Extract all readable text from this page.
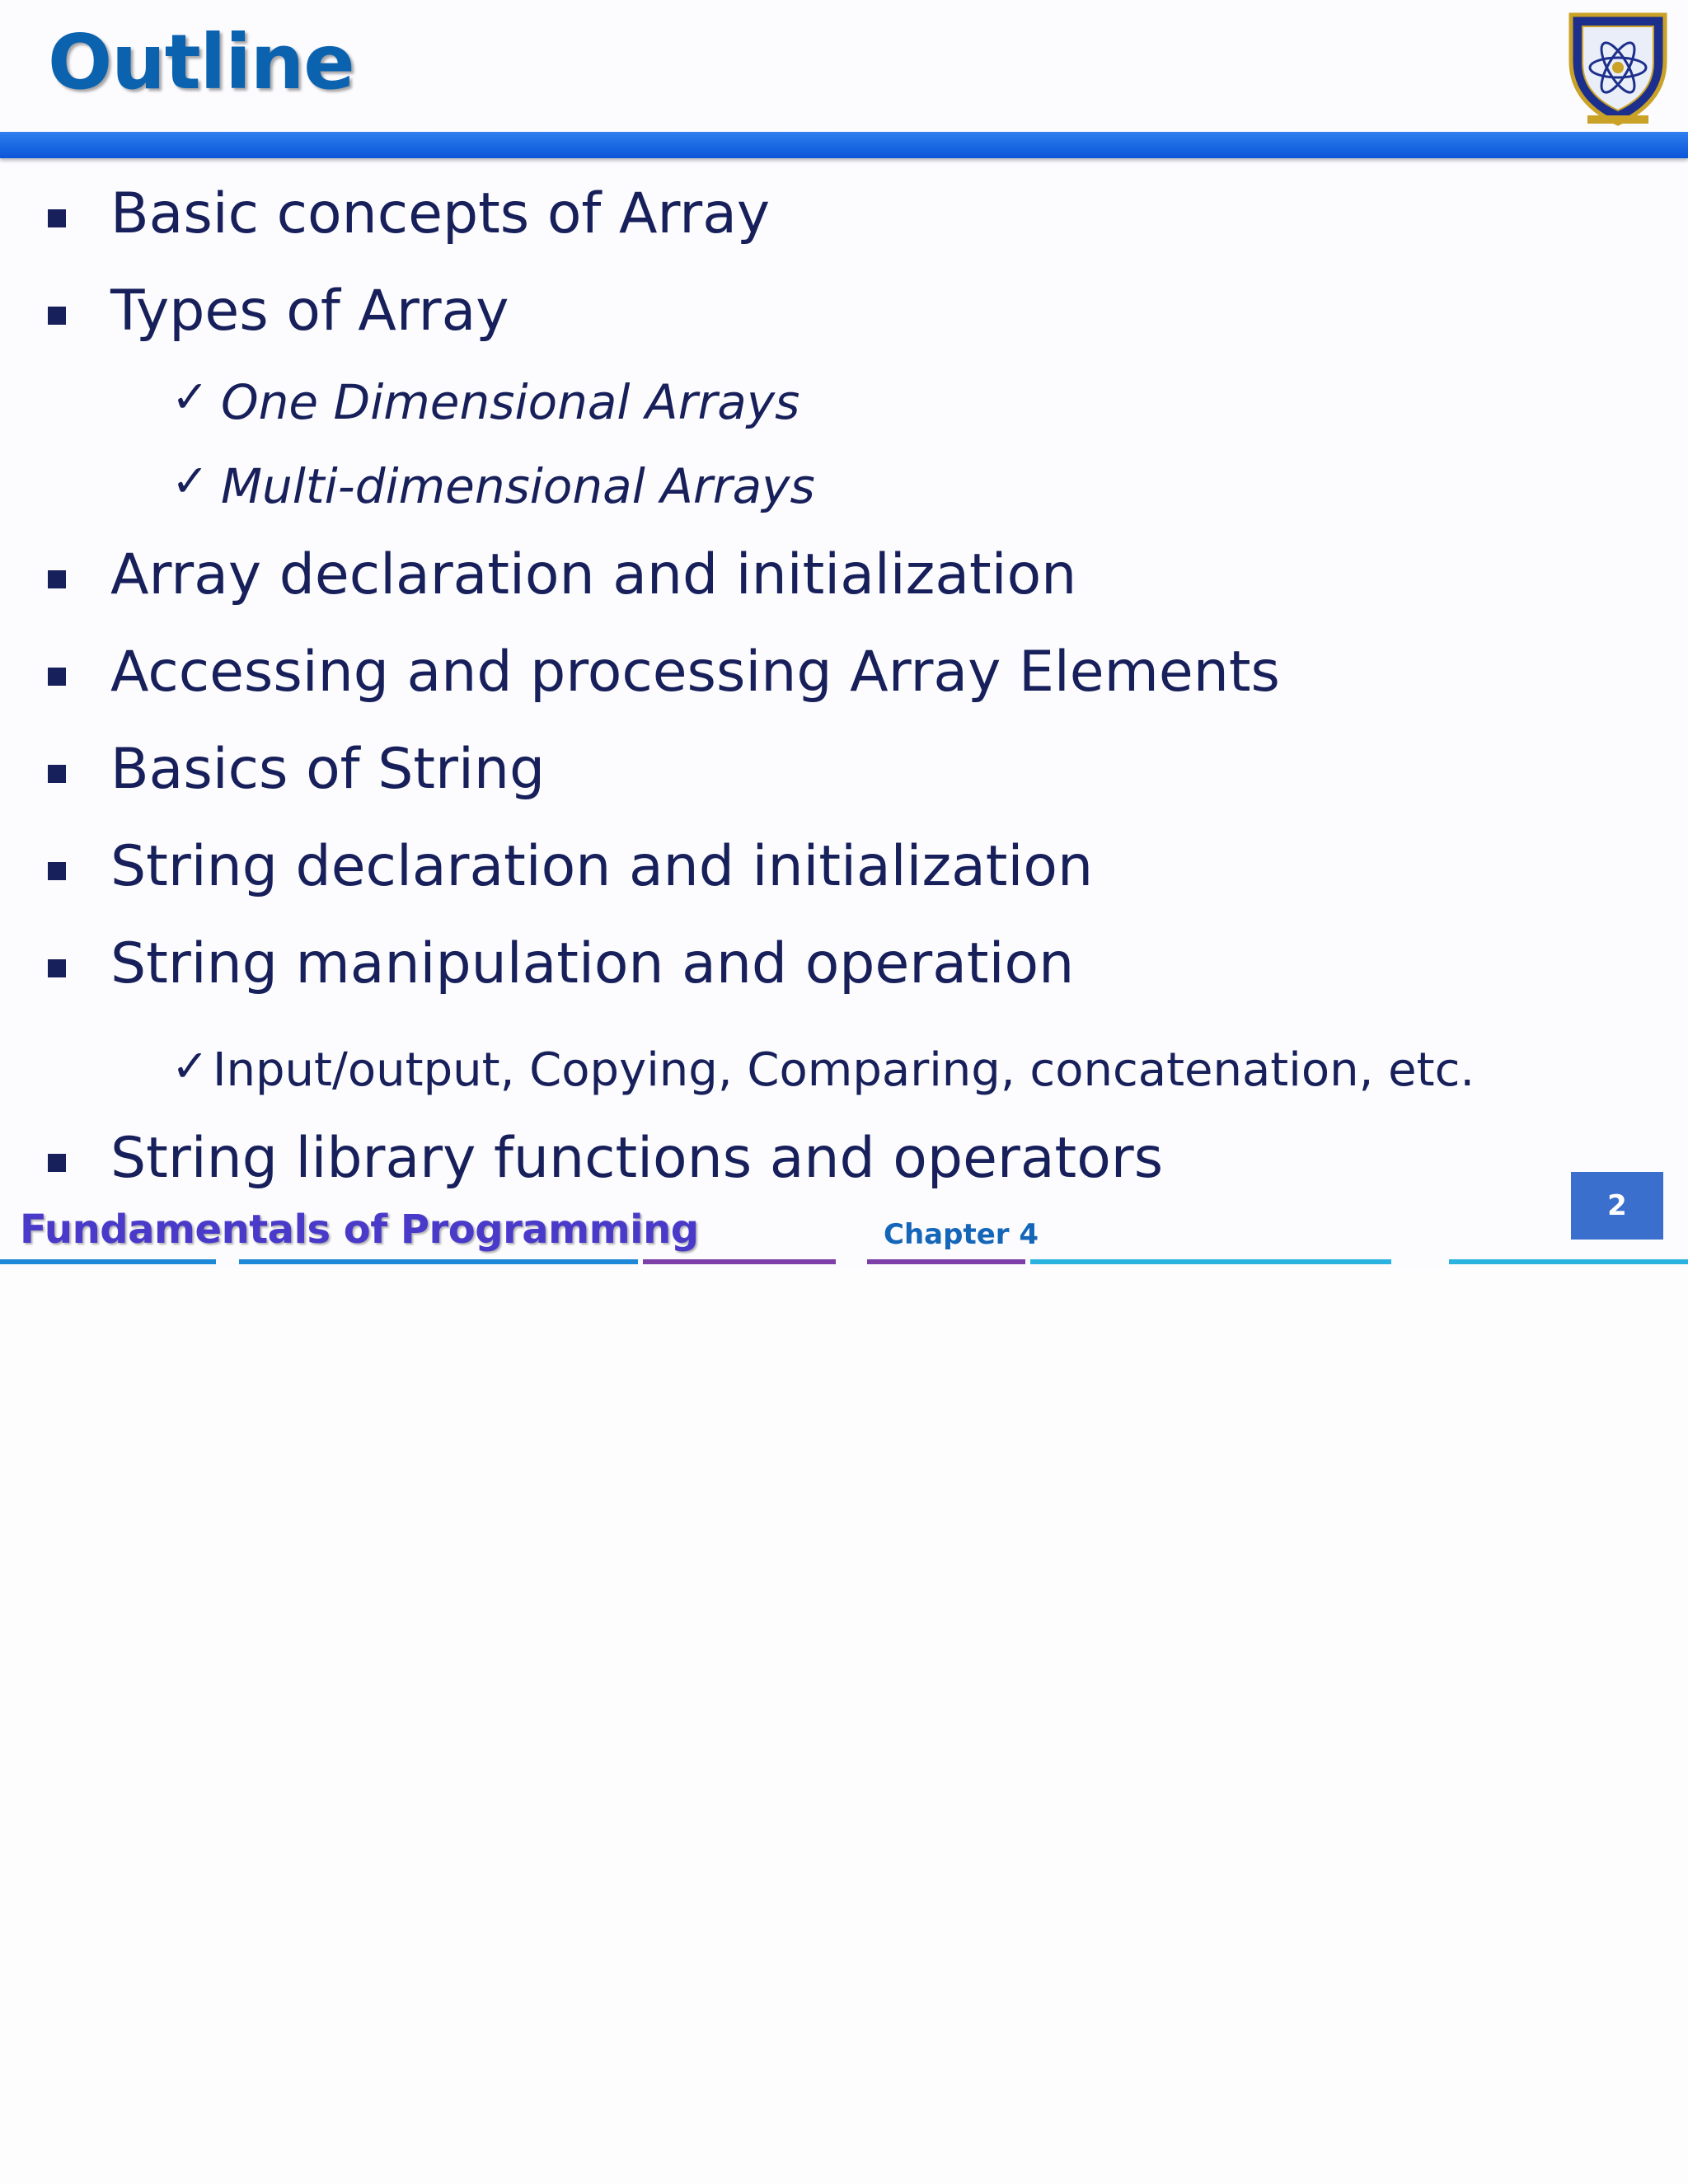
Outline
Basic concepts of Array
Types of Array
✓ One Dimensional Arrays
✓ Multi-dimensional Arrays
Array declaration and initialization
Accessing and processing Array Elements
Basics of String
String declaration and initialization
String manipulation and operation
✓ Input/output, Copying, Comparing, concatenation, etc.
String library functions and operators
Fundamentals of Programming	Chapter 4
2
